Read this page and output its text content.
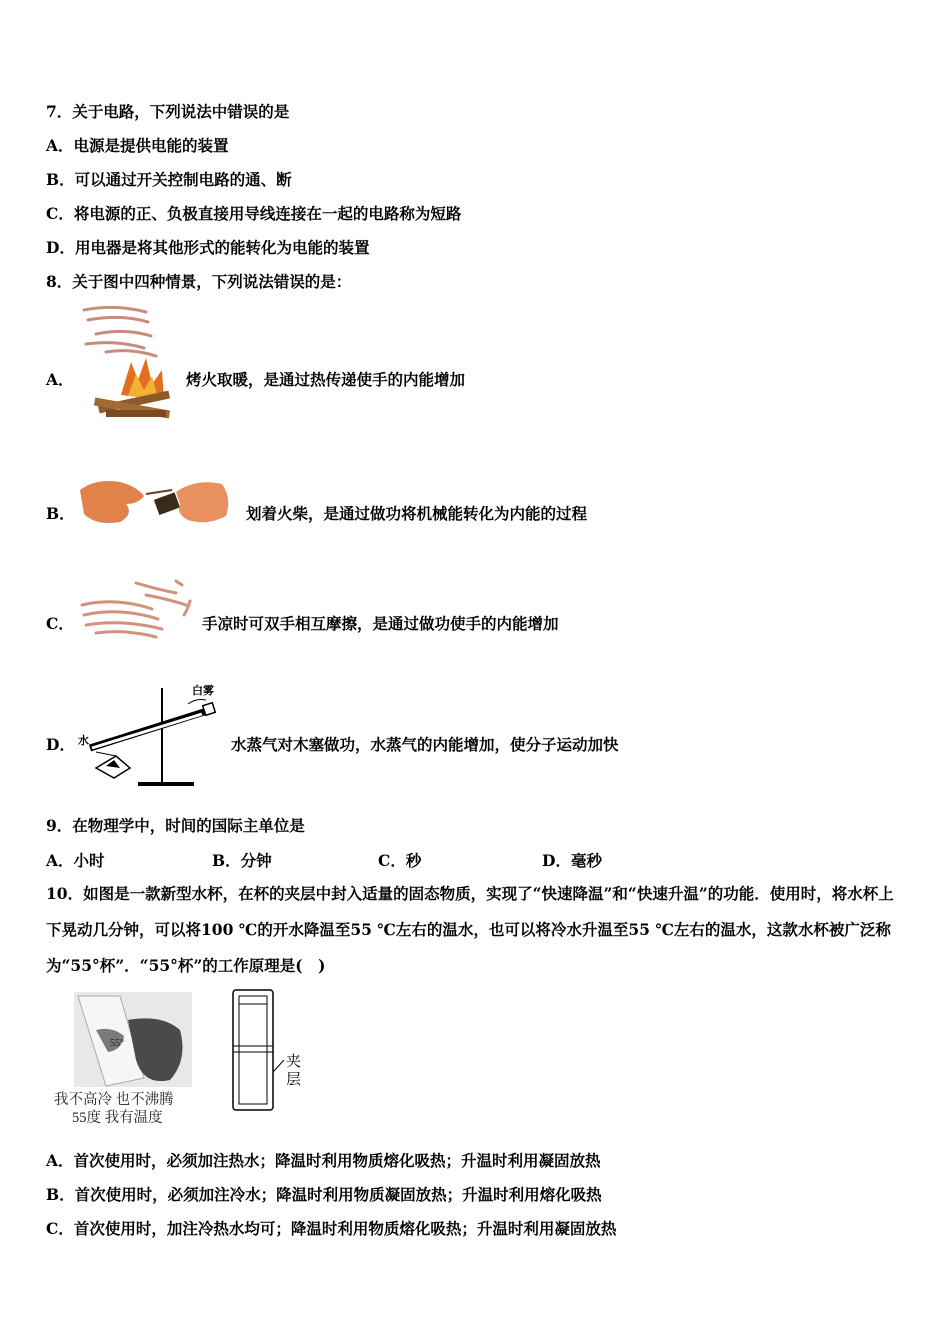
7．关于电路，下列说法中错误的是
A．电源是提供电能的装置
B．可以通过开关控制电路的通、断
C．将电源的正、负极直接用导线连接在一起的电路称为短路
D．用电器是将其他形式的能转化为电能的装置
8．关于图中四种情景，下列说法错误的是：
A．	烤火取暖，是通过热传递使手的内能增加
B．	划着火柴，是通过做功将机械能转化为内能的过程
C．	手凉时可双手相互摩擦，是通过做功使手的内能增加
D．
白雾
水	水蒸气对木塞做功，水蒸气的内能增加，使分子运动加快
9．在物理学中，时间的国际主单位是
A．小时	B．分钟	C．秒	D．毫秒
10．如图是一款新型水杯，在杯的夹层中封入适量的固态物质，实现了“快速降温”和“快速升温”的功能．使用时，将水杯上下晃动几分钟，可以将100 ℃的开水降温至55 ℃左右的温水，也可以将冷水升温至55 ℃左右的温水，这款水杯被广泛称为“55°杯”．“55°杯”的工作原理是(　)
55°
我不高冷 也不沸腾
55度 我有温度
夹
层
A．首次使用时，必须加注热水；降温时利用物质熔化吸热；升温时利用凝固放热
B．首次使用时，必须加注冷水；降温时利用物质凝固放热；升温时利用熔化吸热
C．首次使用时，加注冷热水均可；降温时利用物质熔化吸热；升温时利用凝固放热
